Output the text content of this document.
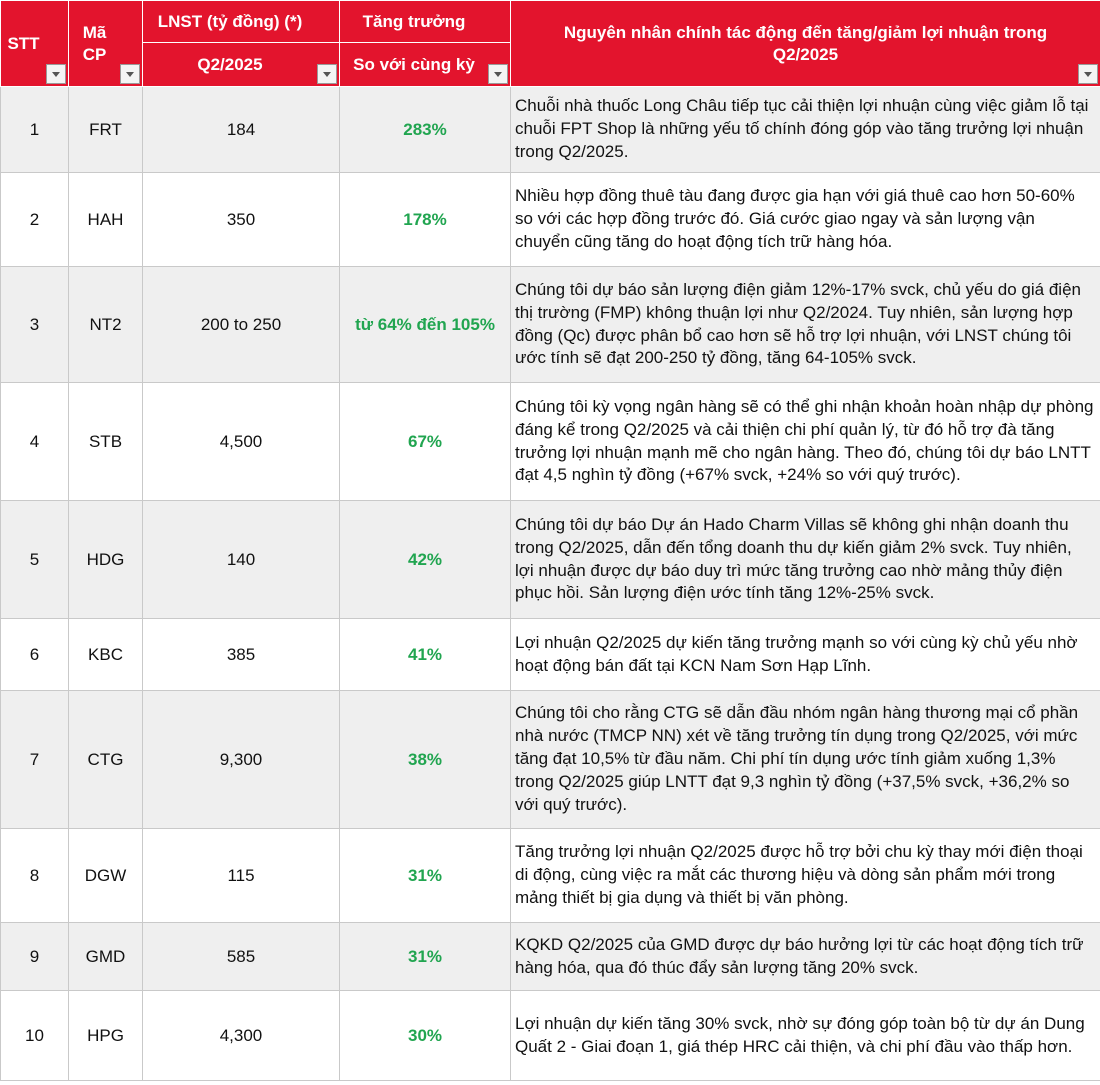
STT	Mã CP	LNST (tỷ đồng) (*)	Tăng trưởng	Nguyên nhân chính tác động đến tăng/giảm lợi nhuận trong Q2/2025

Q2/2025	So với cùng kỳ	

1	FRT	184	283%	Chuỗi nhà thuốc Long Châu tiếp tục cải thiện lợi nhuận cùng việc giảm lỗ tại chuỗi FPT Shop là những yếu tố chính đóng góp vào tăng trưởng lợi nhuận trong Q2/2025.
2	HAH	350	178%	Nhiều hợp đồng thuê tàu đang được gia hạn với giá thuê cao hơn 50-60% so với các hợp đồng trước đó. Giá cước giao ngay và sản lượng vận chuyển cũng tăng do hoạt động tích trữ hàng hóa.
3	NT2	200 to 250	từ 64% đến 105%	Chúng tôi dự báo sản lượng điện giảm 12%-17% svck, chủ yếu do giá điện thị trường (FMP) không thuận lợi như Q2/2024. Tuy nhiên, sản lượng hợp đồng (Qc) được phân bổ cao hơn sẽ hỗ trợ lợi nhuận, với LNST chúng tôi ước tính sẽ đạt 200-250 tỷ đồng, tăng 64-105% svck.
4	STB	4,500	67%	Chúng tôi kỳ vọng ngân hàng sẽ có thể ghi nhận khoản hoàn nhập dự phòng đáng kể trong Q2/2025 và cải thiện chi phí quản lý, từ đó hỗ trợ đà tăng trưởng lợi nhuận mạnh mẽ cho ngân hàng. Theo đó, chúng tôi dự báo LNTT đạt 4,5 nghìn tỷ đồng (+67% svck, +24% so với quý trước).
5	HDG	140	42%	Chúng tôi dự báo Dự án Hado Charm Villas sẽ không ghi nhận doanh thu trong Q2/2025, dẫn đến tổng doanh thu dự kiến giảm 2% svck. Tuy nhiên, lợi nhuận được dự báo duy trì mức tăng trưởng cao nhờ mảng thủy điện phục hồi. Sản lượng điện ước tính tăng 12%-25% svck.
6	KBC	385	41%	Lợi nhuận Q2/2025 dự kiến tăng trưởng mạnh so với cùng kỳ chủ yếu nhờ hoạt động bán đất tại KCN Nam Sơn Hạp Lĩnh.
7	CTG	9,300	38%	Chúng tôi cho rằng CTG sẽ dẫn đầu nhóm ngân hàng thương mại cổ phần nhà nước (TMCP NN) xét về tăng trưởng tín dụng trong Q2/2025, với mức tăng đạt 10,5% từ đầu năm. Chi phí tín dụng ước tính giảm xuống 1,3% trong Q2/2025 giúp LNTT đạt 9,3 nghìn tỷ đồng (+37,5% svck, +36,2% so với quý trước).
8	DGW	115	31%	Tăng trưởng lợi nhuận Q2/2025 được hỗ trợ bởi chu kỳ thay mới điện thoại di động, cùng việc ra mắt các thương hiệu và dòng sản phẩm mới trong mảng thiết bị gia dụng và thiết bị văn phòng.
9	GMD	585	31%	KQKD Q2/2025 của GMD được dự báo hưởng lợi từ các hoạt động tích trữ hàng hóa, qua đó thúc đẩy sản lượng tăng 20% svck.
10	HPG	4,300	30%	Lợi nhuận dự kiến tăng 30% svck, nhờ sự đóng góp toàn bộ từ dự án Dung Quất 2 - Giai đoạn 1, giá thép HRC cải thiện, và chi phí đầu vào thấp hơn.
